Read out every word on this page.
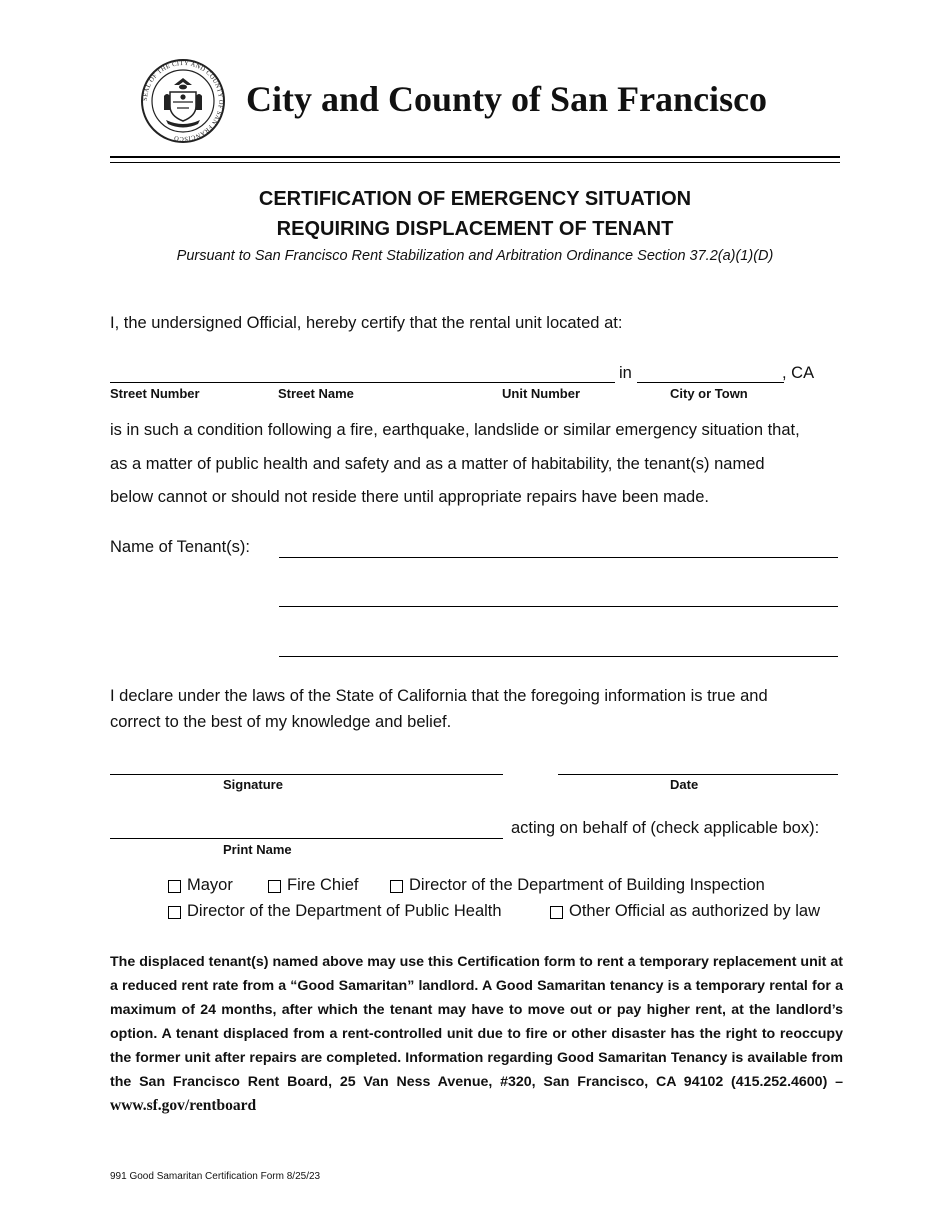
SEAL OF THE CITY AND COUNTY OF SAN FRANCISCO
City and County of San Francisco
CERTIFICATION OF EMERGENCY SITUATION
REQUIRING DISPLACEMENT OF TENANT
Pursuant to San Francisco Rent Stabilization and Arbitration Ordinance Section 37.2(a)(1)(D)
I, the undersigned Official, hereby certify that the rental unit located at:
in	, CA
Street Number	Street Name	Unit Number	City or Town
is in such a condition following a fire, earthquake, landslide or similar emergency situation that,
as a matter of public health and safety and as a matter of habitability, the tenant(s) named
below cannot or should not reside there until appropriate repairs have been made.
Name of Tenant(s):
I declare under the laws of the State of California that the foregoing information is true and
correct to the best of my knowledge and belief.
Signature	Date
acting on behalf of (check applicable box):
Print Name
Mayor	Fire Chief	Director of the Department of Building Inspection
Director of the Department of Public Health	Other Official as authorized by law
The displaced tenant(s) named above may use this Certification form to rent a temporary replacement unit at a reduced rent rate from a “Good Samaritan” landlord. A Good Samaritan tenancy is a temporary rental for a maximum of 24 months, after which the tenant may have to move out or pay higher rent, at the landlord’s option. A tenant displaced from a rent-controlled unit due to fire or other disaster has the right to reoccupy the former unit after repairs are completed. Information regarding Good Samaritan Tenancy is available from the San Francisco Rent Board, 25 Van Ness Avenue, #320, San Francisco, CA 94102 (415.252.4600) – www.sf.gov/rentboard
991 Good Samaritan Certification Form 8/25/23
